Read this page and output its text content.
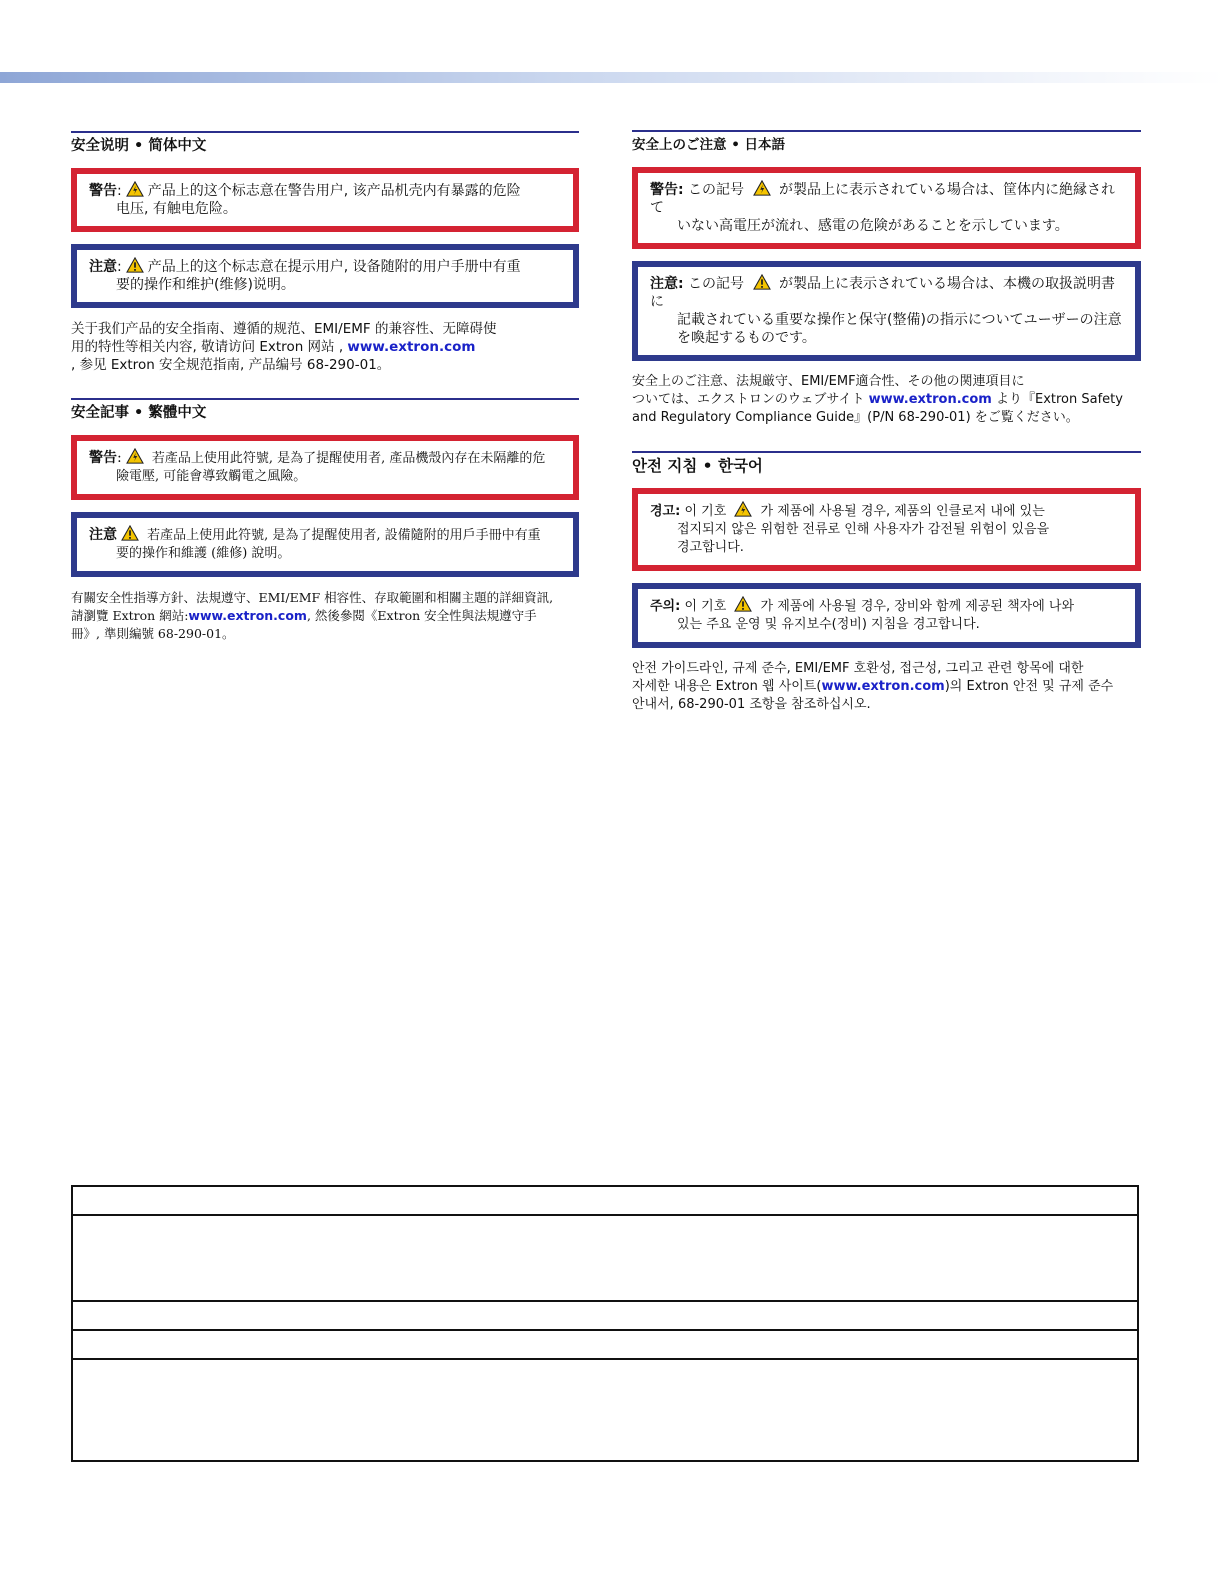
安全说明 • 简体中文
警告: 产品上的这个标志意在警告用户, 该产品机壳内有暴露的危险
电压, 有触电危险。
注意: 产品上的这个标志意在提示用户, 设备随附的用户手册中有重
要的操作和维护(维修)说明。

关于我们产品的安全指南、遵循的规范、EMI/EMF 的兼容性、无障碍使
用的特性等相关内容, 敬请访问 Extron 网站 , www.extron.com
, 参见 Extron 安全规范指南, 产品编号 68-290-01。

安全記事 • 繁體中文
警告: 若產品上使用此符號, 是為了提醒使用者, 產品機殼內存在未隔離的危
險電壓, 可能會導致觸電之風險。
注意 若產品上使用此符號, 是為了提醒使用者, 設備隨附的用戶手冊中有重
要的操作和維護 (維修) 說明。

有關安全性指導方針、法規遵守、EMI/EMF 相容性、存取範圍和相關主題的詳細資訊,
請瀏覽 Extron 網站:www.extron.com, 然後參閱《Extron 安全性與法規遵守手
冊》, 準則編號 68-290-01。

安全上のご注意 • 日本語
警告: この記号  が製品上に表示されている場合は、筐体内に絶縁されて
いない高電圧が流れ、感電の危険があることを示しています。
注意: この記号  が製品上に表示されている場合は、本機の取扱説明書に
記載されている重要な操作と保守(整備)の指示についてユーザーの注意
を喚起するものです。

安全上のご注意、法規厳守、EMI/EMF適合性、その他の関連項目に
ついては、エクストロンのウェブサイト www.extron.com より『Extron Safety
and Regulatory Compliance Guide』(P/N 68-290-01) をご覧ください。

안전 지침 • 한국어
경고: 이 기호  가 제품에 사용될 경우, 제품의 인클로저 내에 있는
접지되지 않은 위험한 전류로 인해 사용자가 감전될 위험이 있음을
경고합니다.
주의: 이 기호  가 제품에 사용될 경우, 장비와 함께 제공된 책자에 나와
있는 주요 운영 및 유지보수(정비) 지침을 경고합니다.

안전 가이드라인, 규제 준수, EMI/EMF 호환성, 접근성, 그리고 관련 항목에 대한
자세한 내용은 Extron 웹 사이트(www.extron.com)의 Extron 안전 및 규제 준수
안내서, 68-290-01 조항을 참조하십시오.
